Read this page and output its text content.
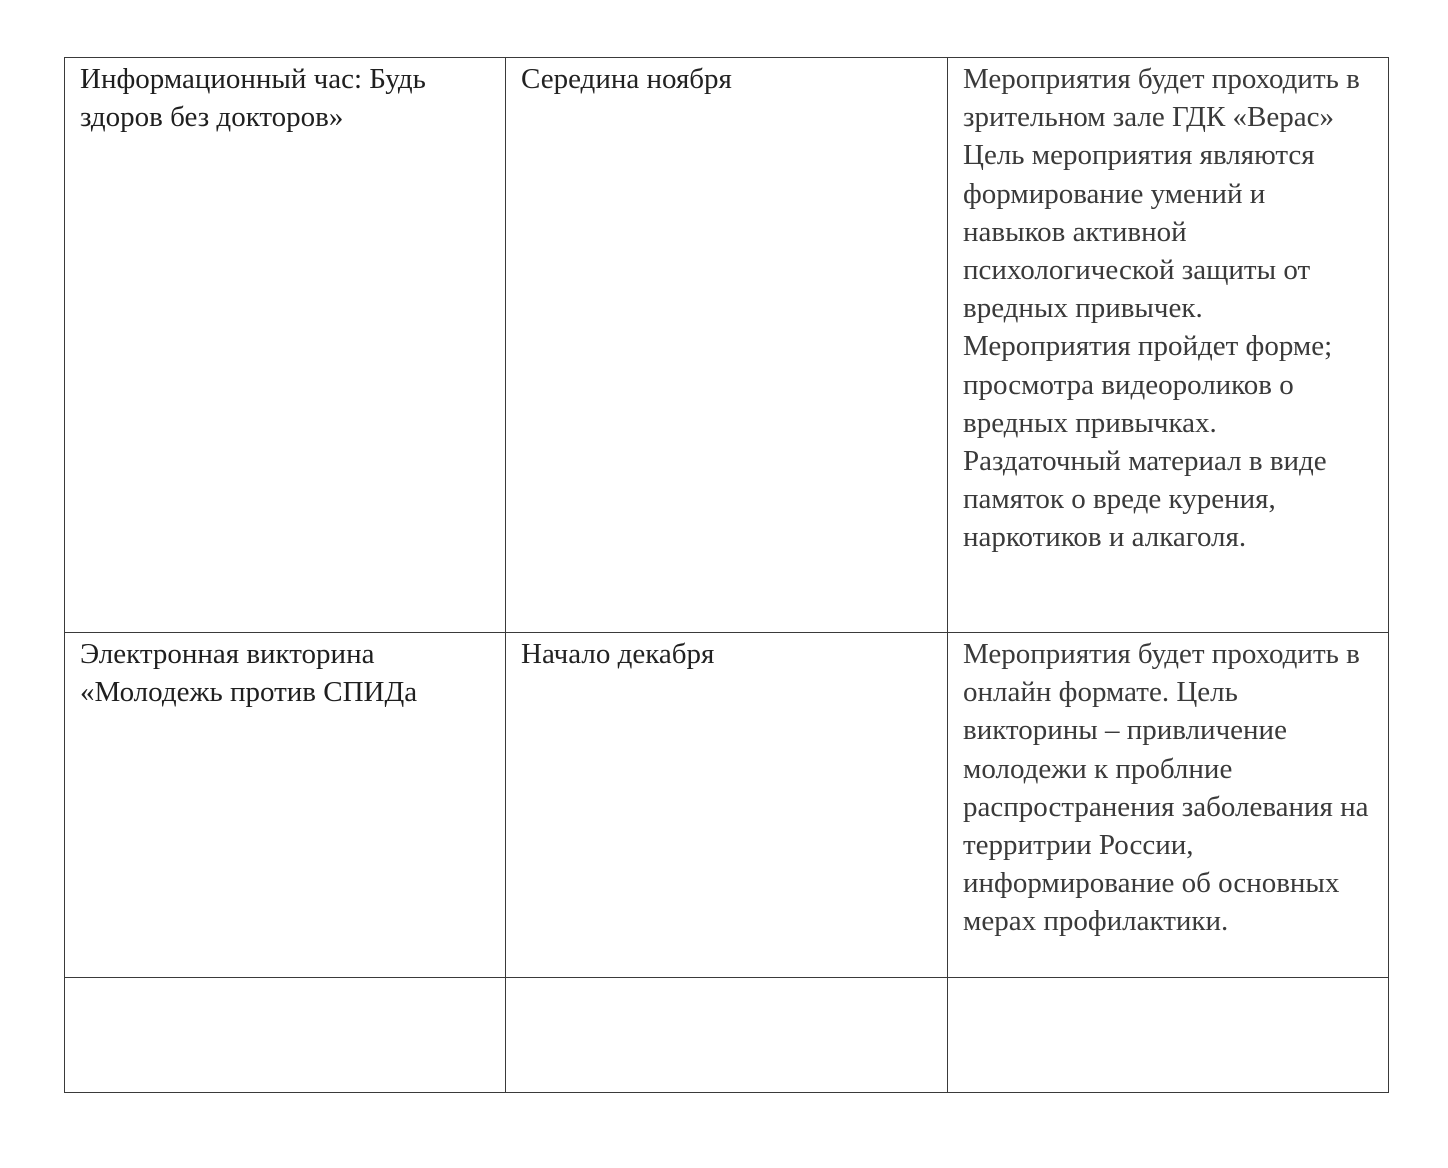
Информационный час: Будь здоров без докторов»	Середина ноября	Мероприятия будет проходить в зрительном зале ГДК «Верас» Цель мероприятия являются формирование умений и навыков активной психологической защиты от вредных привычек. Мероприятия пройдет форме; просмотра видеороликов о вредных привычках. Раздаточный материал в виде памяток о вреде курения, наркотиков и алкаголя.
Электронная викторина «Молодежь против СПИДа	Начало декабря	Мероприятия будет проходить в онлайн формате. Цель викторины – привличение молодежи к проблние распространения заболевания на территрии России, информирование об основных мерах профилактики.
